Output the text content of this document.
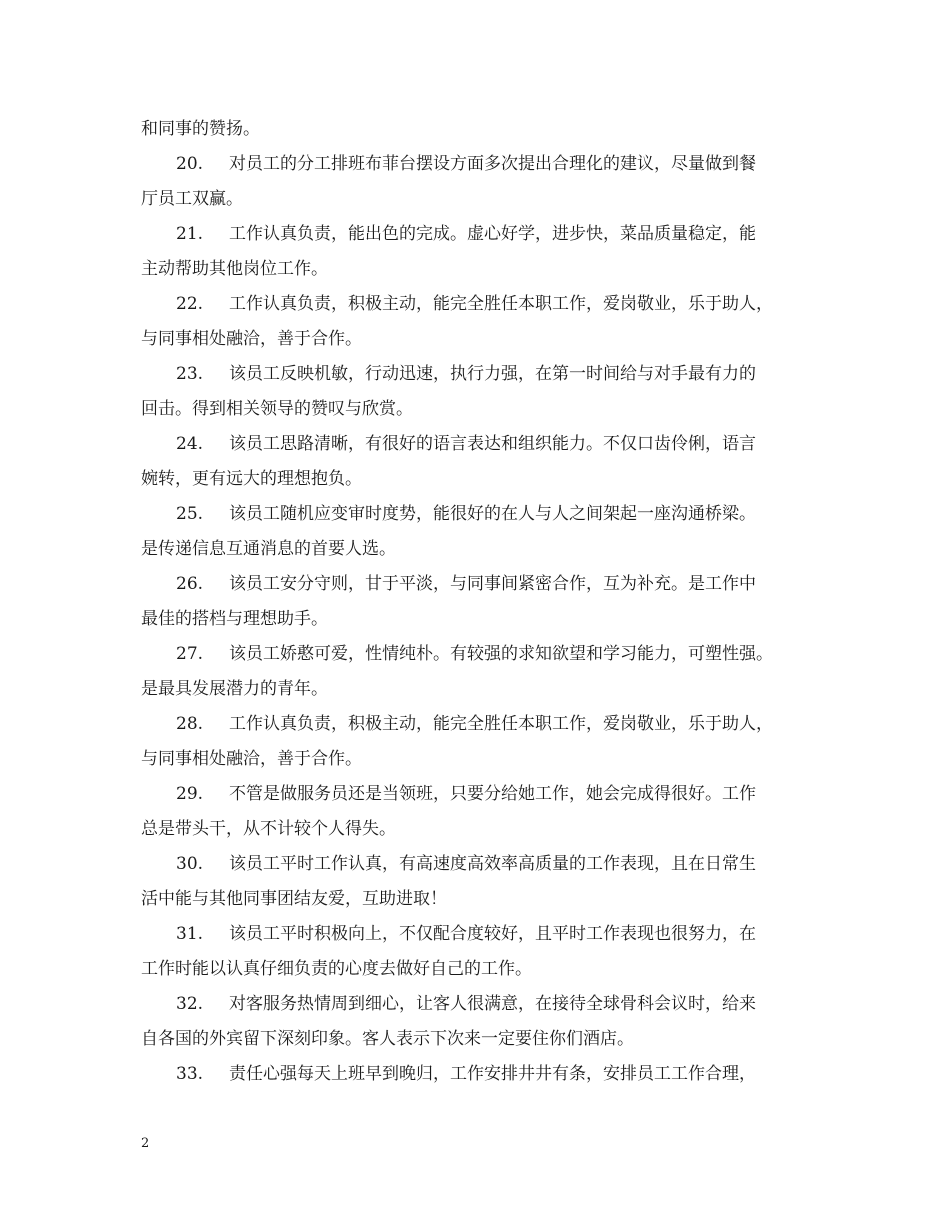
和同事的赞扬。
20. 对员工的分工排班布菲台摆设方面多次提出合理化的建议，尽量做到餐
厅员工双赢。
21. 工作认真负责，能出色的完成。虚心好学，进步快，菜品质量稳定，能
主动帮助其他岗位工作。
22. 工作认真负责，积极主动，能完全胜任本职工作，爱岗敬业，乐于助人，
与同事相处融洽，善于合作。
23. 该员工反映机敏，行动迅速，执行力强，在第一时间给与对手最有力的
回击。得到相关领导的赞叹与欣赏。
24. 该员工思路清晰，有很好的语言表达和组织能力。不仅口齿伶俐，语言
婉转，更有远大的理想抱负。
25. 该员工随机应变审时度势，能很好的在人与人之间架起一座沟通桥梁。
是传递信息互通消息的首要人选。
26. 该员工安分守则，甘于平淡，与同事间紧密合作，互为补充。是工作中
最佳的搭档与理想助手。
27. 该员工娇憨可爱，性情纯朴。有较强的求知欲望和学习能力，可塑性强。
是最具发展潜力的青年。
28. 工作认真负责，积极主动，能完全胜任本职工作，爱岗敬业，乐于助人，
与同事相处融洽，善于合作。
29. 不管是做服务员还是当领班，只要分给她工作，她会完成得很好。工作
总是带头干，从不计较个人得失。
30. 该员工平时工作认真，有高速度高效率高质量的工作表现，且在日常生
活中能与其他同事团结友爱，互助进取！
31. 该员工平时积极向上，不仅配合度较好，且平时工作表现也很努力，在
工作时能以认真仔细负责的心度去做好自己的工作。
32. 对客服务热情周到细心，让客人很满意，在接待全球骨科会议时，给来
自各国的外宾留下深刻印象。客人表示下次来一定要住你们酒店。
33. 责任心强每天上班早到晚归，工作安排井井有条，安排员工工作合理，
2
